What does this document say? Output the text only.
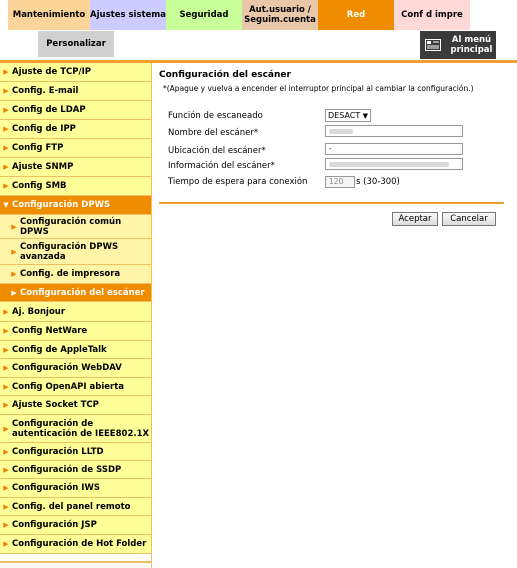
Mantenimiento Ajustes sistema	Seguridad	Aut.usuario / Seguim.cuenta	Red	Conf d impre
Personalizar	Al menú principal
▶ Ajuste de TCP/IP
▶ Config. E-mail
▶ Config de LDAP
▶ Config de IPP
▶ Config FTP
▶ Ajuste SNMP
▶ Config SMB
▼ Configuración DPWS
▶ Configuración común DPWS
▶ Configuración DPWS avanzada
▶ Config. de impresora
▶ Configuración del escáner
▶ Aj. Bonjour
▶ Config NetWare
▶ Config de AppleTalk
▶ Configuración WebDAV
▶ Config OpenAPI abierta
▶ Ajuste Socket TCP
▶ Configuración de autenticación de IEEE802.1X
▶ Configuración LLTD
▶ Configuración de SSDP
▶ Configuración IWS
▶ Config. del panel remoto
▶ Configuración JSP
▶ Configuración de Hot Folder
Configuración del escáner
*(Apague y vuelva a encender el interruptor principal al cambiar la configuración.)
Función de escaneado	DESACT ▼
Nombre del escáner*
Ubicación del escáner*	-
Información del escáner*
Tiempo de espera para conexión	120	s (30-300)
Aceptar	Cancelar
